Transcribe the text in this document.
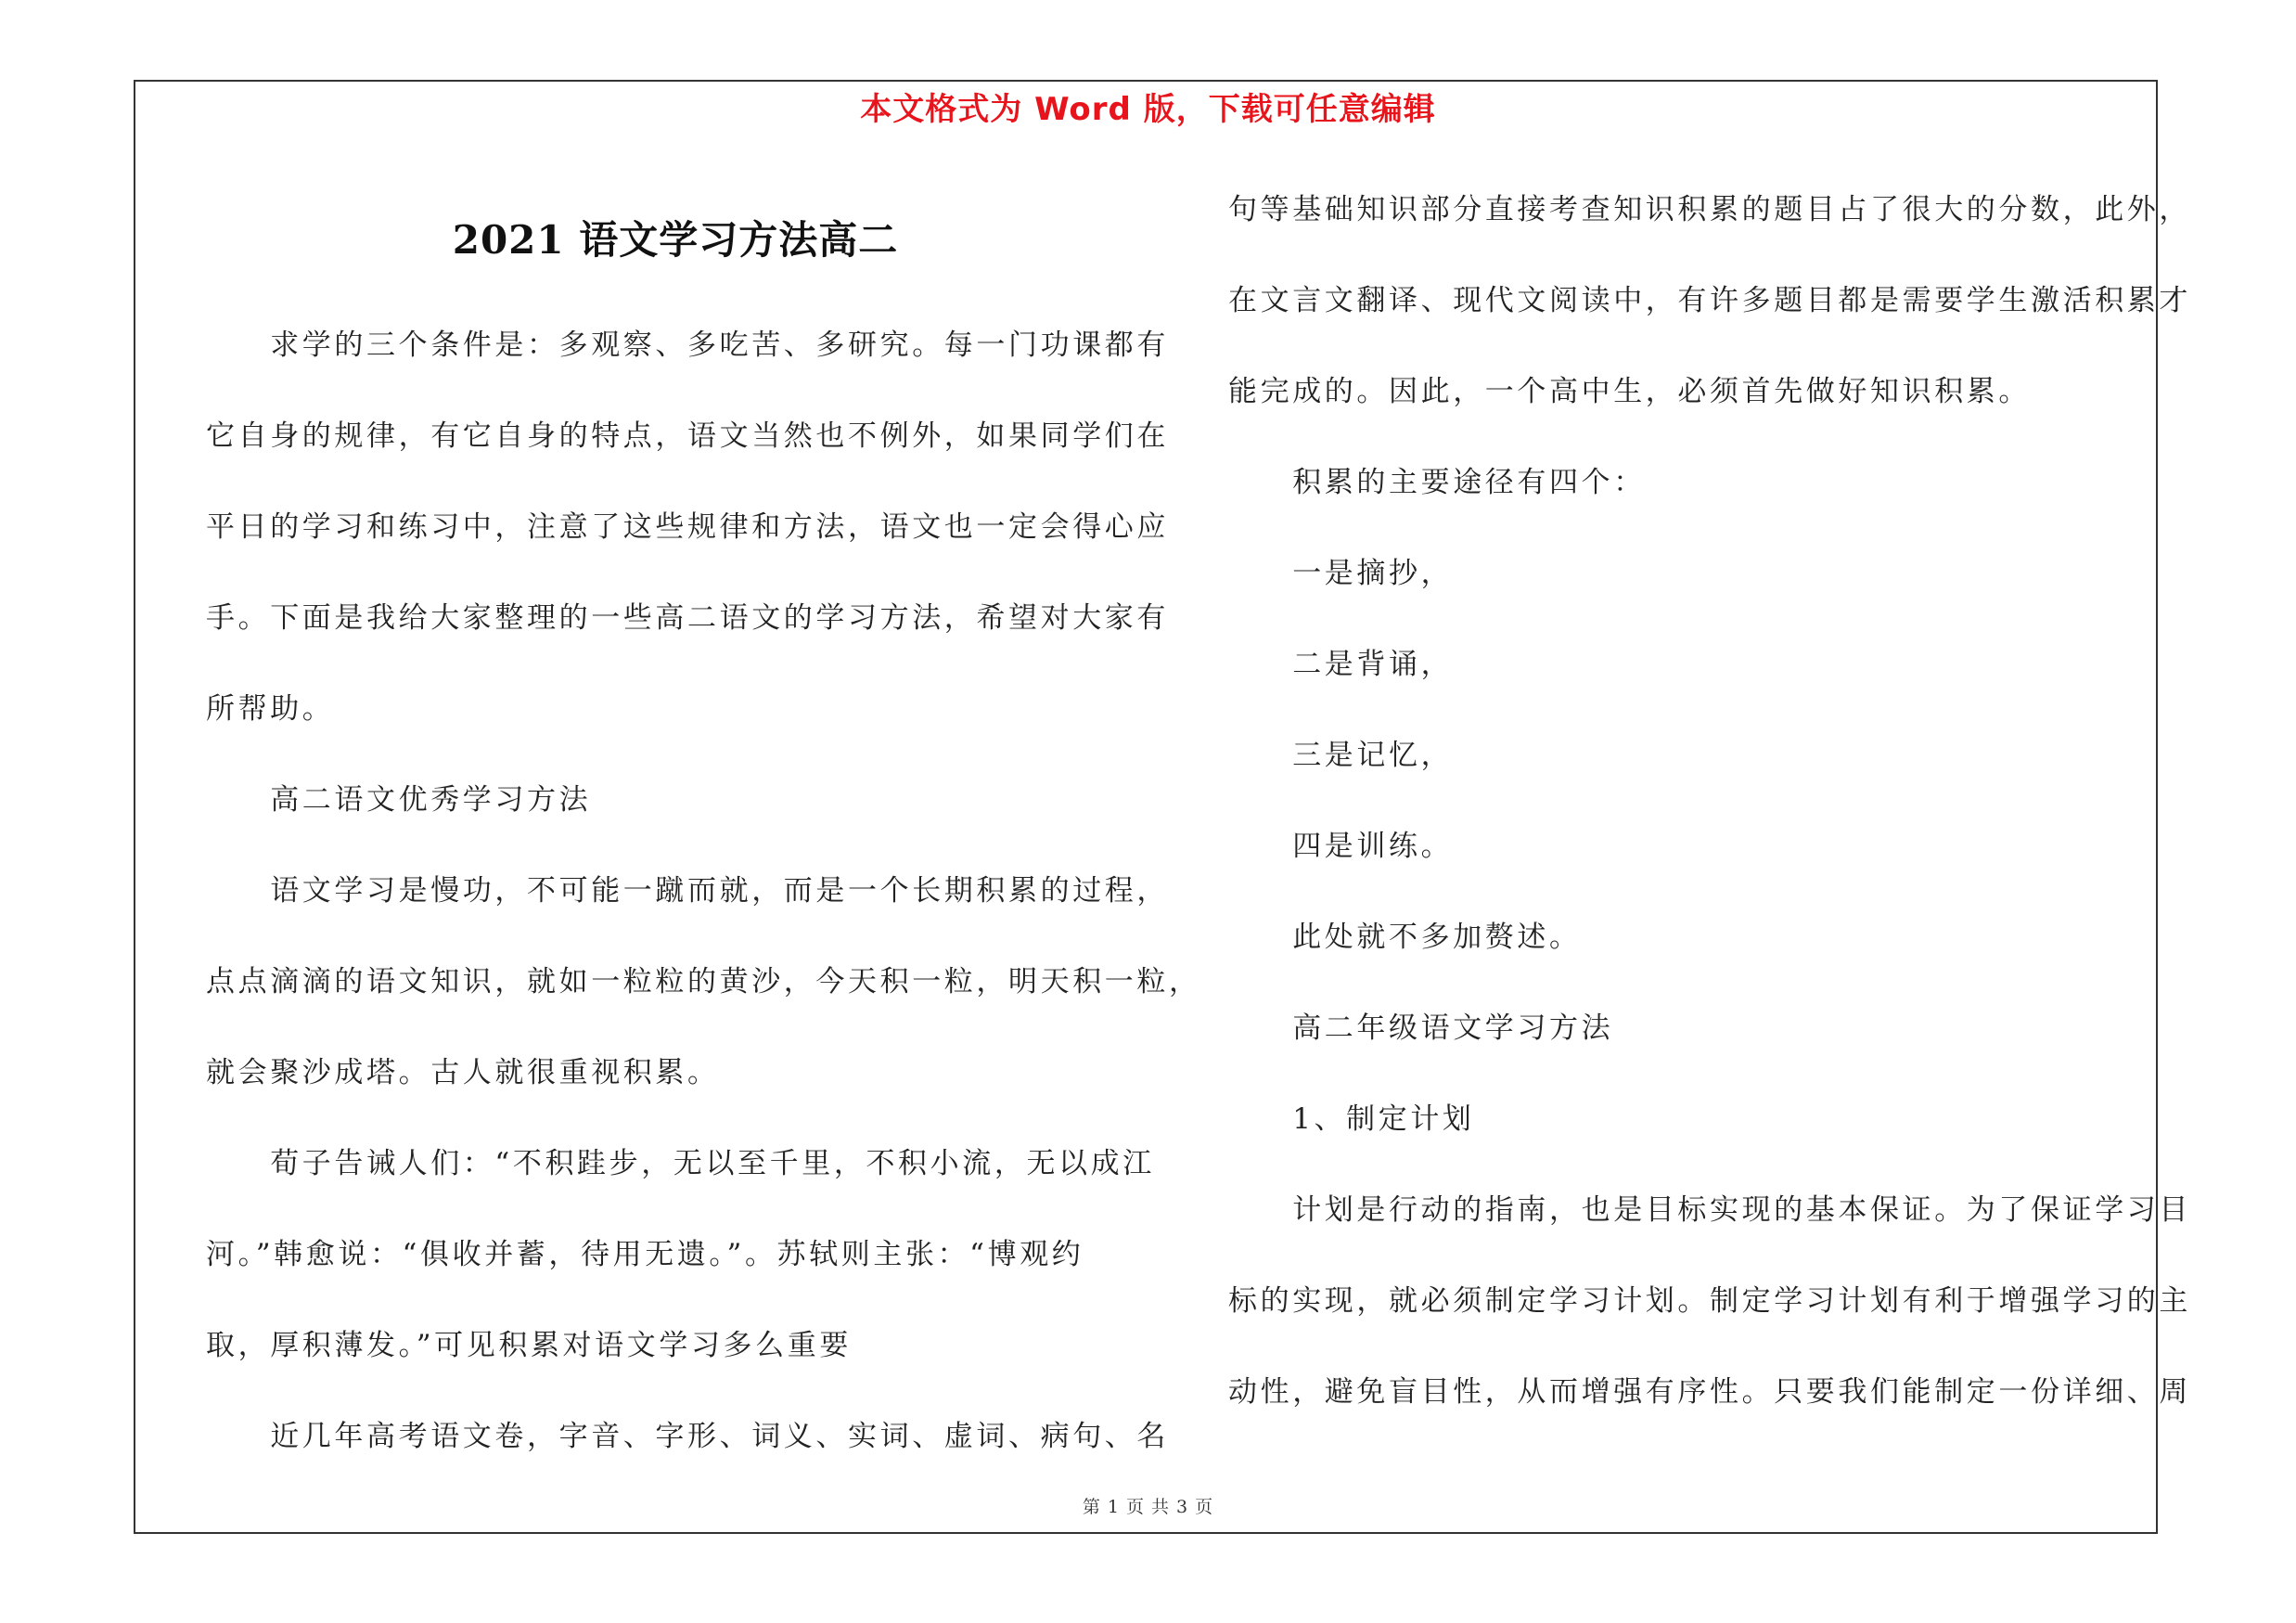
本文格式为 Word 版，下载可任意编辑
2021 语文学习方法高二
　　求学的三个条件是：多观察、多吃苦、多研究。每一门功课都有
它自身的规律，有它自身的特点，语文当然也不例外，如果同学们在
平日的学习和练习中，注意了这些规律和方法，语文也一定会得心应
手。下面是我给大家整理的一些高二语文的学习方法，希望对大家有
所帮助。
　　高二语文优秀学习方法
　　语文学习是慢功，不可能一蹴而就，而是一个长期积累的过程，
点点滴滴的语文知识，就如一粒粒的黄沙，今天积一粒，明天积一粒，
就会聚沙成塔。古人就很重视积累。
　　荀子告诫人们：“不积跬步，无以至千里，不积小流，无以成江
河。”韩愈说：“俱收并蓄，待用无遗。”。苏轼则主张：“博观约
取，厚积薄发。”可见积累对语文学习多么重要
　　近几年高考语文卷，字音、字形、词义、实词、虚词、病句、名
句等基础知识部分直接考查知识积累的题目占了很大的分数，此外，
在文言文翻译、现代文阅读中，有许多题目都是需要学生激活积累才
能完成的。因此，一个高中生，必须首先做好知识积累。
　　积累的主要途径有四个：
　　一是摘抄，
　　二是背诵，
　　三是记忆，
　　四是训练。
　　此处就不多加赘述。
　　高二年级语文学习方法
　　1、制定计划
　　计划是行动的指南，也是目标实现的基本保证。为了保证学习目
标的实现，就必须制定学习计划。制定学习计划有利于增强学习的主
动性，避免盲目性，从而增强有序性。只要我们能制定一份详细、周
第 1 页 共 3 页
